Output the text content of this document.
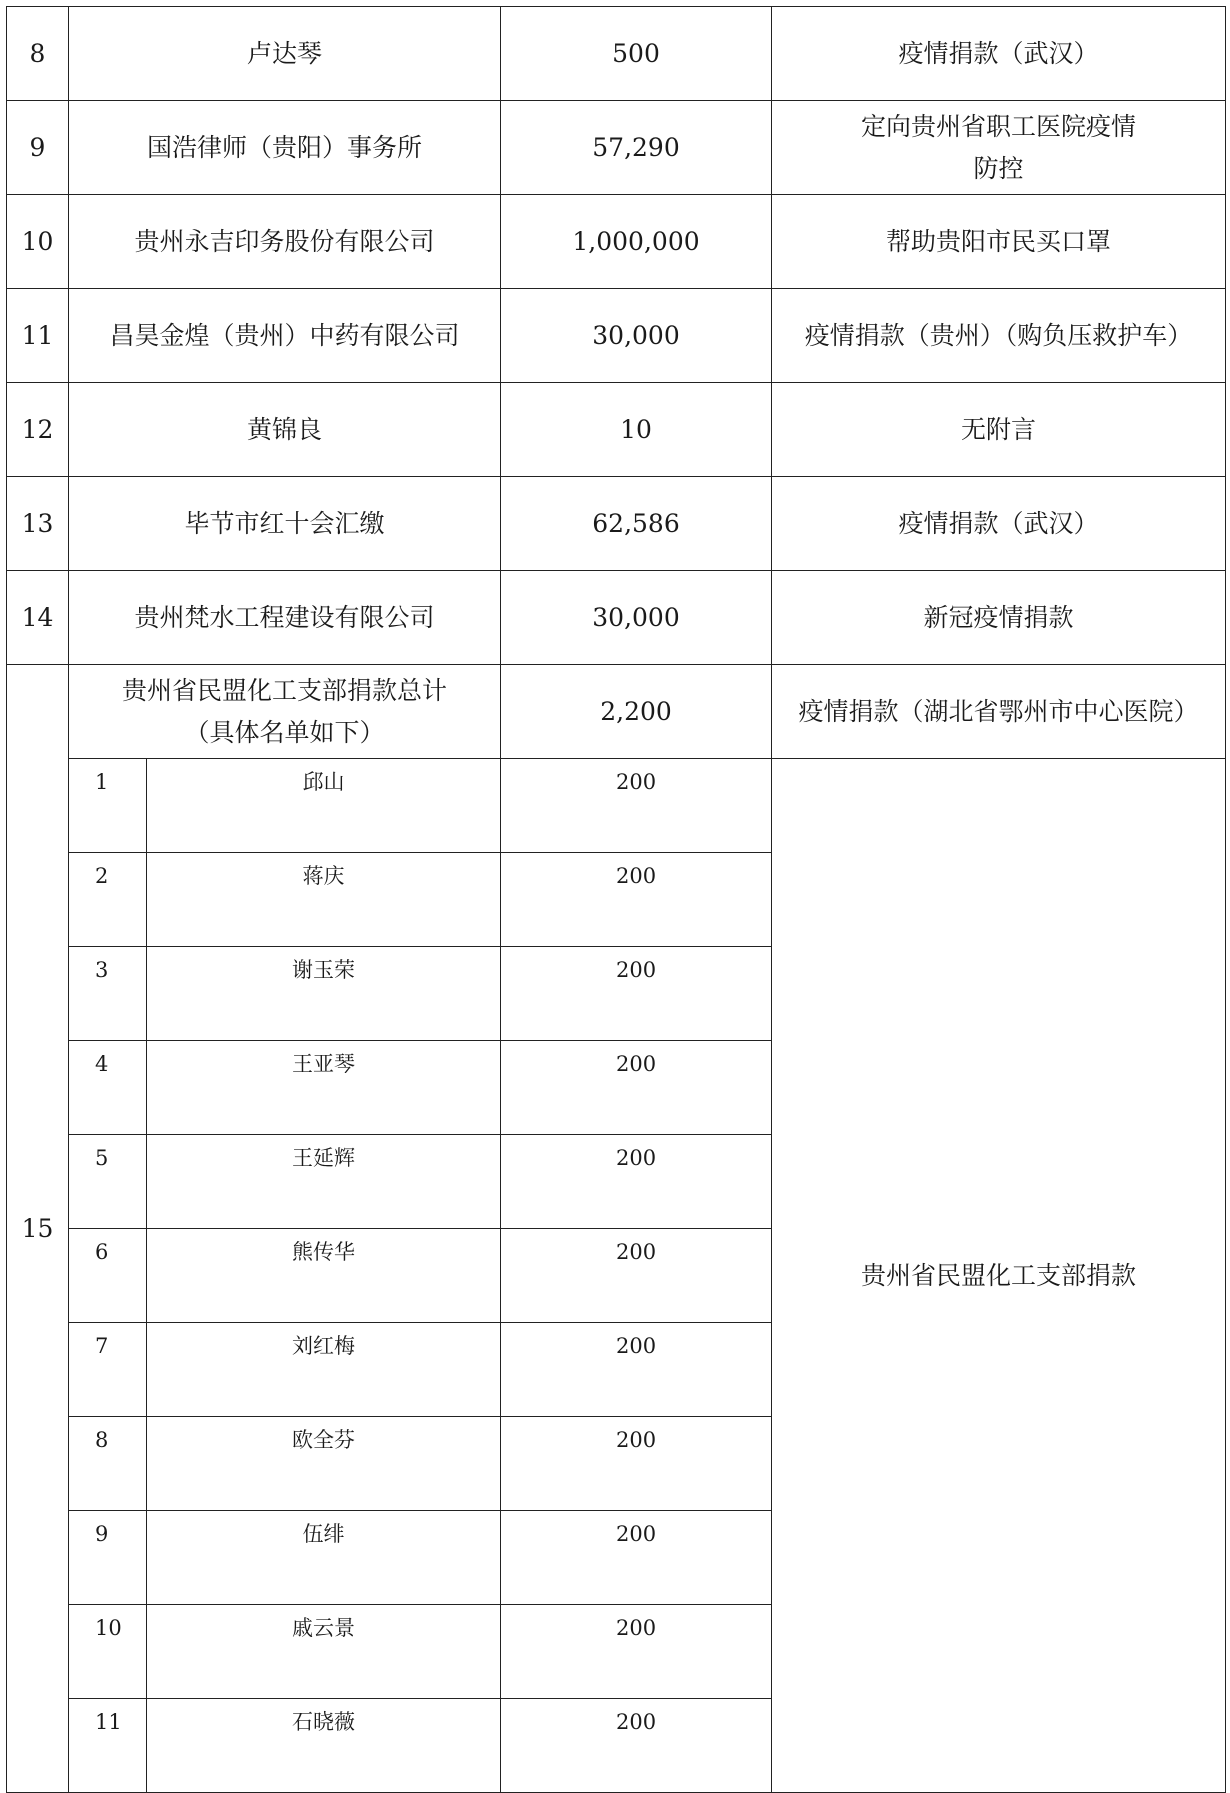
8	卢达琴		500	疫情捐款（武汉）
9	国浩律师（贵阳）事务所		57,290	定向贵州省职工医院疫情
防控
10	贵州永吉印务股份有限公司		1,000,000	帮助贵阳市民买口罩
11	昌昊金煌（贵州）中药有限公司		30,000	疫情捐款（贵州）（购负压救护车）
12	黄锦良		10	无附言
13	毕节市红十会汇缴		62,586	疫情捐款（武汉）
14	贵州梵水工程建设有限公司		30,000	新冠疫情捐款
15	贵州省民盟化工支部捐款总计
（具体名单如下）		2,200	疫情捐款（湖北省鄂州市中心医院）
	1	邱山	200	贵州省民盟化工支部捐款
	2	蒋庆	200	
	3	谢玉荣	200	
	4	王亚琴	200	
	5	王延辉	200	
	6	熊传华	200	
	7	刘红梅	200	
	8	欧全芬	200	
	9	伍绯	200	
	10	戚云景	200	
	11	石晓薇	200	
